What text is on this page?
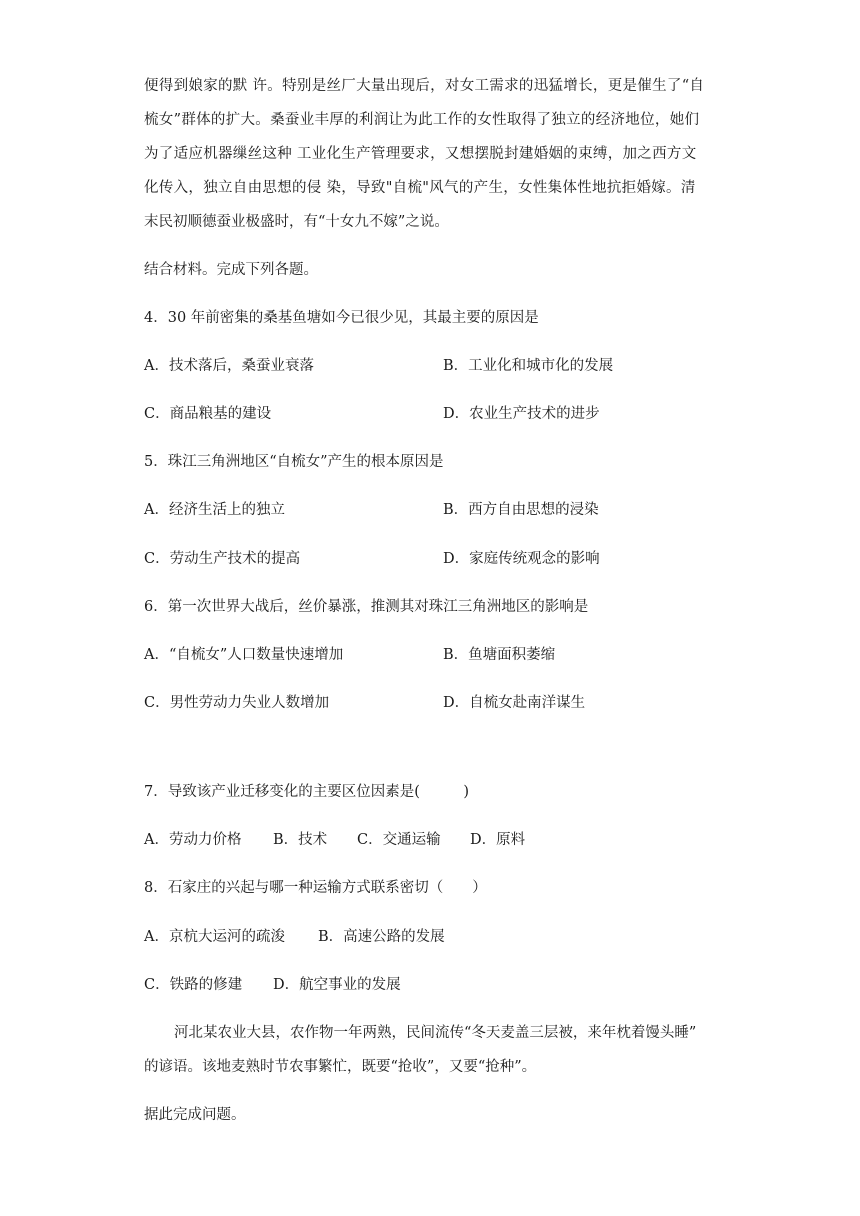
便得到娘家的默 许。特别是丝厂大量出现后，对女工需求的迅猛增长，更是催生了“自
梳女”群体的扩大。桑蚕业丰厚的利润让为此工作的女性取得了独立的经济地位，她们
为了适应机器缫丝这种 工业化生产管理要求，又想摆脱封建婚姻的束缚，加之西方文
化传入，独立自由思想的侵 染，导致"自梳"风气的产生，女性集体性地抗拒婚嫁。清
末民初顺德蚕业极盛时，有“十女九不嫁”之说。
结合材料。完成下列各题。
4．30 年前密集的桑基鱼塘如今已很少见，其最主要的原因是
A．技术落后，桑蚕业衰落	B．工业化和城市化的发展
C．商品粮基的建设	D．农业生产技术的进步
5．珠江三角洲地区“自梳女”产生的根本原因是
A．经济生活上的独立	B．西方自由思想的浸染
C．劳动生产技术的提高	D．家庭传统观念的影响
6．第一次世界大战后，丝价暴涨，推测其对珠江三角洲地区的影响是
A．“自梳女”人口数量快速增加	B．鱼塘面积萎缩
C．男性劳动力失业人数增加	D．自梳女赴南洋谋生
7．导致该产业迁移变化的主要区位因素是(　　　)
A．劳动力价格 B．技术 C．交通运输 D．原料
8．石家庄的兴起与哪一种运输方式联系密切（　　）
A．京杭大运河的疏浚 B．高速公路的发展
C．铁路的修建 D．航空事业的发展
河北某农业大县，农作物一年两熟，民间流传“冬天麦盖三层被，来年枕着馒头睡”
的谚语。该地麦熟时节农事繁忙，既要“抢收”，又要“抢种”。
据此完成问题。
